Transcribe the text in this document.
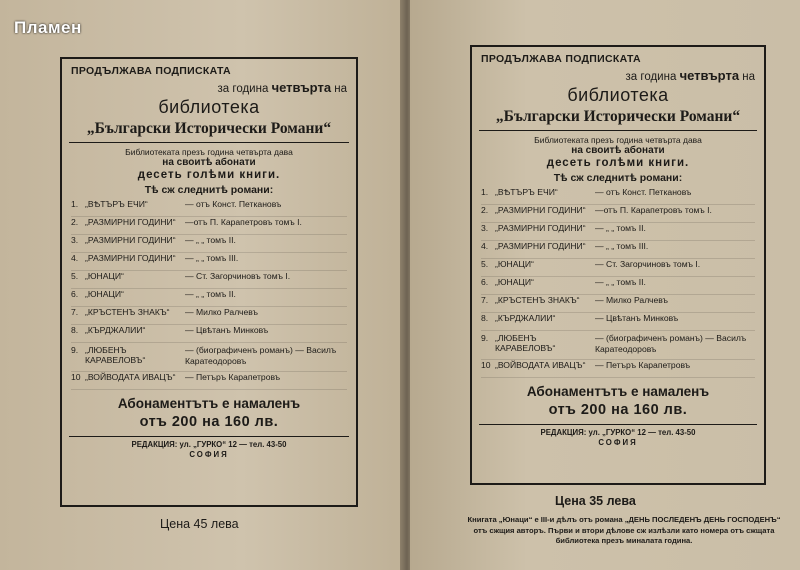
Пламен
ПРОДЪЛЖАВА ПОДПИСКАТА
за година четвърта на
библиотека
„Български Исторически Романи“
Библиотеката презъ година четвърта дава
на своитѣ абонати
десеть голѣми книги.
Тѣ сж следнитѣ романи:
1. „ВѢТЪРЪ ЕЧИ“	— отъ Конст. Петкановъ
2. „РАЗМИРНИ ГОДИНИ“	—отъ П. Карапетровъ томъ I.
3. „РАЗМИРНИ ГОДИНИ“	— „ „ томъ II.
4. „РАЗМИРНИ ГОДИНИ“	— „ „ томъ III.
5. „ЮНАЦИ“	— Ст. Загорчиновъ томъ I.
6. „ЮНАЦИ“	— „ „ томъ II.
7. „КРЪСТЕНЪ ЗНАКЪ“	— Милко Ралчевъ
8. „КЪРДЖАЛИИ“	— Цвѣтанъ Минковъ
9. „ЛЮБЕНЪ КАРАВЕЛОВЪ“
— (биографиченъ романъ) — Василъ Каратеодоровъ
10 „ВОЙВОДАТА ИВАЦЪ“	— Петъръ Карапетровъ
Абонаментътъ е намаленъ
отъ 200 на 160 лв.
РЕДАКЦИЯ: ул. „ГУРКО“ 12 — тел. 43-50
СОФИЯ
Цена 45 лева
ПРОДЪЛЖАВА ПОДПИСКАТА
за година четвърта на
библиотека
„Български Исторически Романи“
Библиотеката презъ година четвърта дава
на своитѣ абонати
десеть голѣми книги.
Тѣ сж следнитѣ романи:
1. „ВѢТЪРЪ ЕЧИ“	— отъ Конст. Петкановъ
2. „РАЗМИРНИ ГОДИНИ“	—отъ П. Карапетровъ томъ I.
3. „РАЗМИРНИ ГОДИНИ“	— „ „ томъ II.
4. „РАЗМИРНИ ГОДИНИ“	— „ „ томъ III.
5. „ЮНАЦИ“	— Ст. Загорчиновъ томъ I.
6. „ЮНАЦИ“	— „ „ томъ II.
7. „КРЪСТЕНЪ ЗНАКЪ“	— Милко Ралчевъ
8. „КЪРДЖАЛИИ“	— Цвѣтанъ Минковъ
9. „ЛЮБЕНЪ КАРАВЕЛОВЪ“
— (биографиченъ романъ) — Василъ Каратеодоровъ
10 „ВОЙВОДАТА ИВАЦЪ“	— Петъръ Карапетровъ
Абонаментътъ е намаленъ
отъ 200 на 160 лв.
РЕДАКЦИЯ: ул. „ГУРКО“ 12 — тел. 43-50
СОФИЯ
Цена 35 лева
Книгата „Юнаци“ е III-и дѣлъ отъ романа „ДЕНЬ ПОСЛЕДЕНЪ ДЕНЬ ГОСПОДЕНЪ“ отъ сжщия авторъ. Първи и втори дѣлове сж излѣзли като номера отъ сжщата библиотека презъ миналата година.
